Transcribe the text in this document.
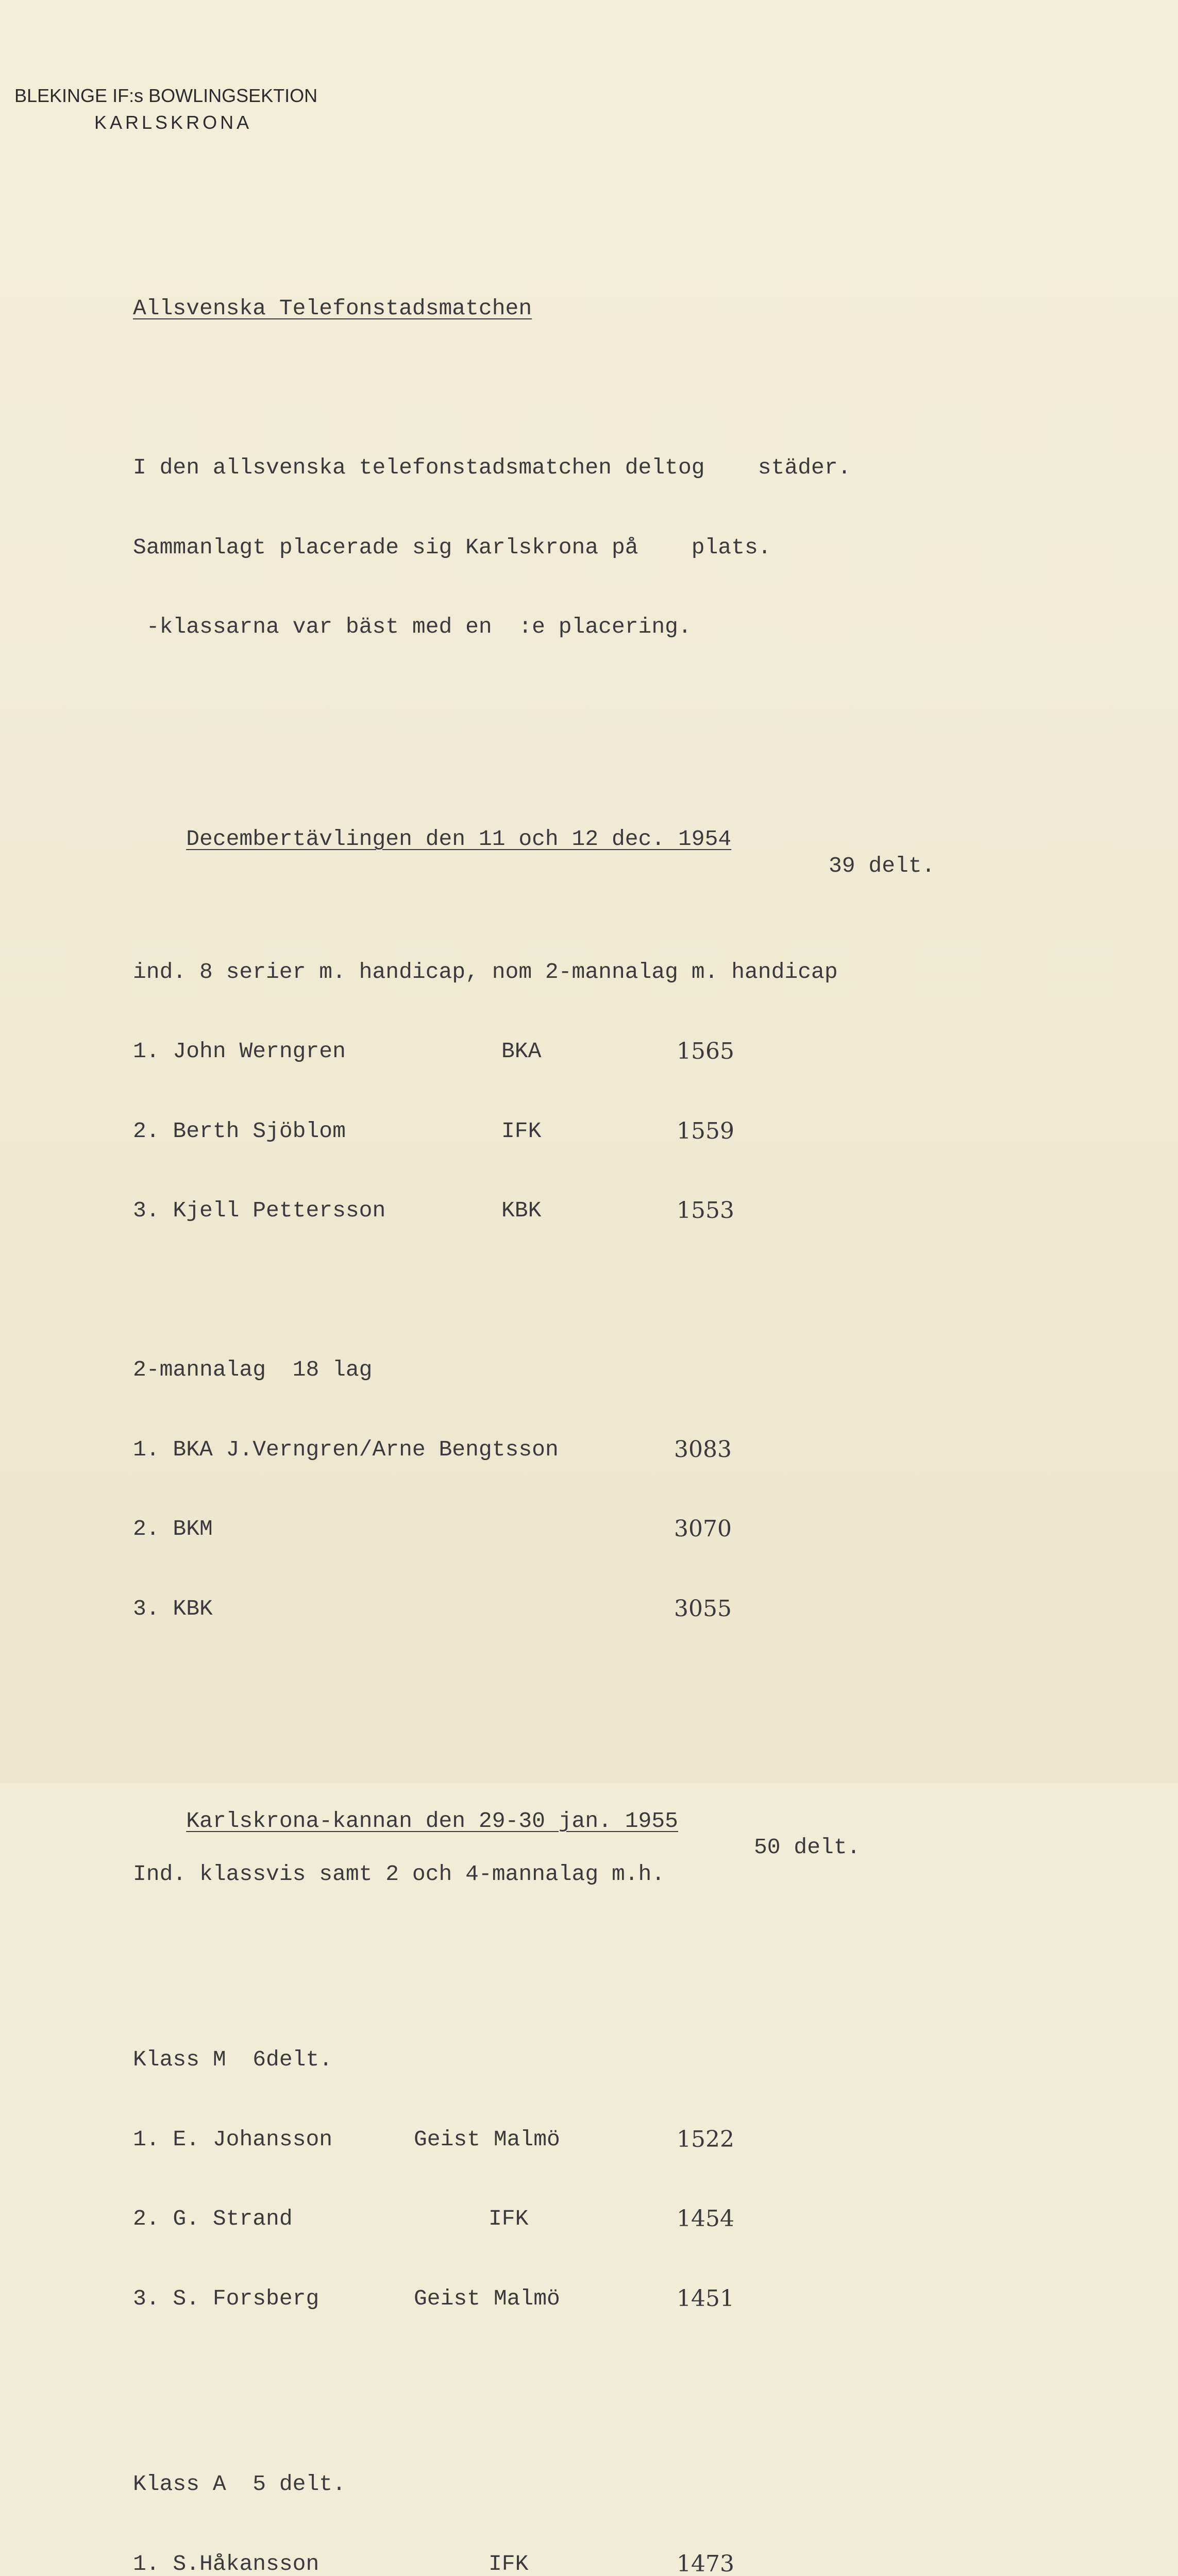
BLEKINGE IF:s BOWLINGSEKTION
KARLSKRONA

Allsvenska Telefonstadsmatchen

I den allsvenska telefonstadsmatchen deltog    städer.

Sammanlagt placerade sig Karlskrona på    plats.

-klassarna var bäst med en  :e placering.

Decembertävlingen den 11 och 12 dec. 1954

39 delt.

ind. 8 serier m. handicap, nom 2-mannalag m. handicap

1. John Werngren	BKA	1565

2. Berth Sjöblom	IFK	1559

3. Kjell Pettersson	KBK	1553

2-mannalag  18 lag

1. BKA J.Verngren/Arne Bengtsson	3083

2. BKM	3070

3. KBK	3055

Karlskrona-kannan den 29-30 jan. 1955

50 delt.

Ind. klassvis samt 2 och 4-mannalag m.h.

Klass M  6delt.

1. E. Johansson	Geist Malmö	1522

2. G. Strand	IFK	1454

3. S. Forsberg	Geist Malmö	1451

Klass A  5 delt.

1. S.Håkansson	IFK	1473
